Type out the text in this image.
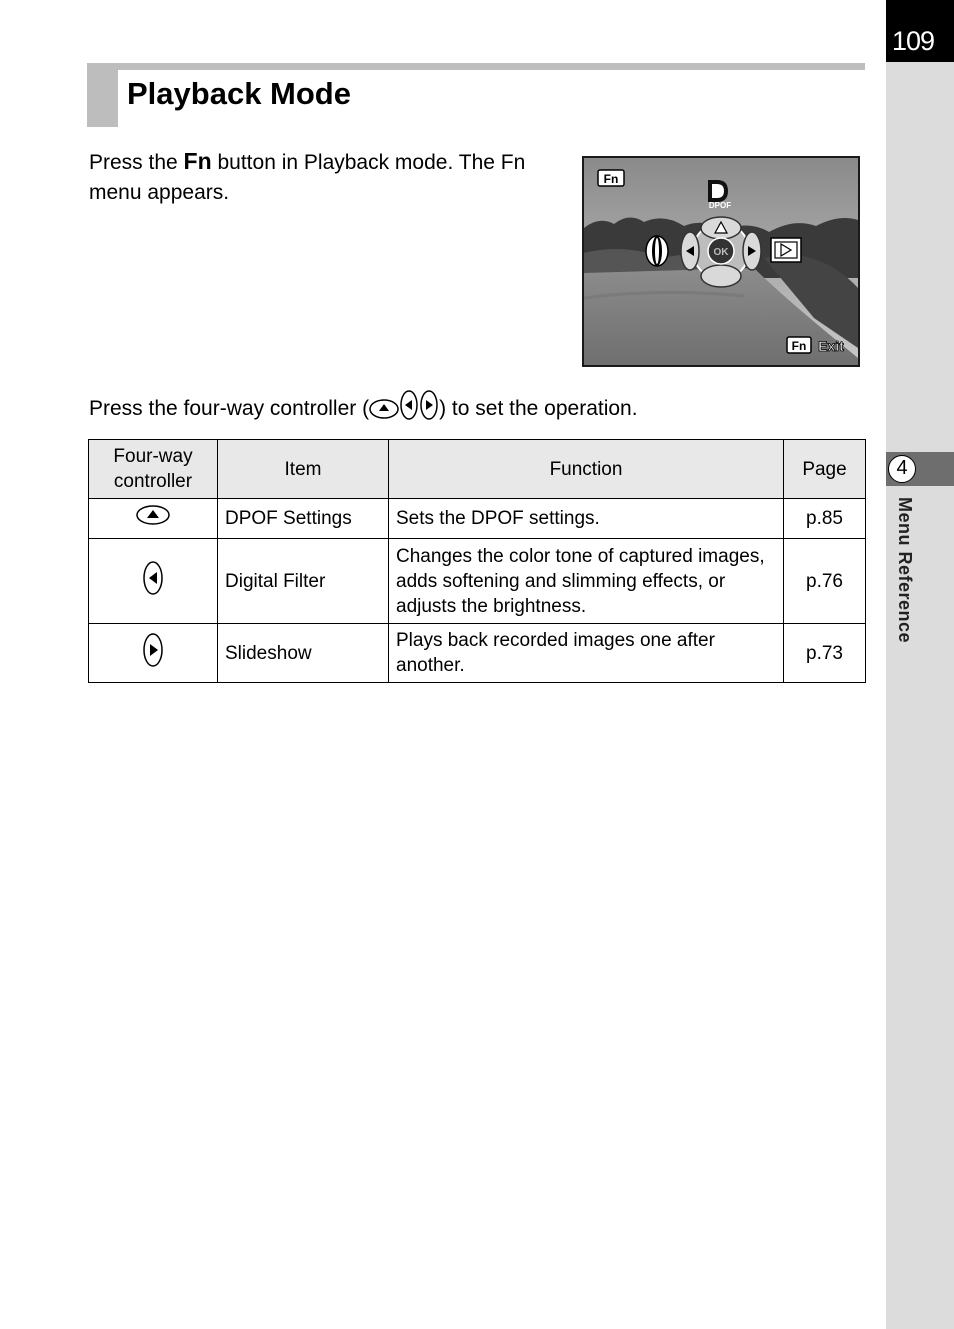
109
4
Menu Reference
Playback Mode
Press the Fn button in Playback mode. The Fn menu appears.
Fn
DPOF
OK
Fn Exit
Press the four-way controller (	) to set the operation.
Four-way controller	Item	Function	Page
	DPOF Settings	Sets the DPOF settings.	p.85
	Digital Filter	Changes the color tone of captured images, adds softening and slimming effects, or adjusts the brightness.	p.76
	Slideshow	Plays back recorded images one after another.	p.73
